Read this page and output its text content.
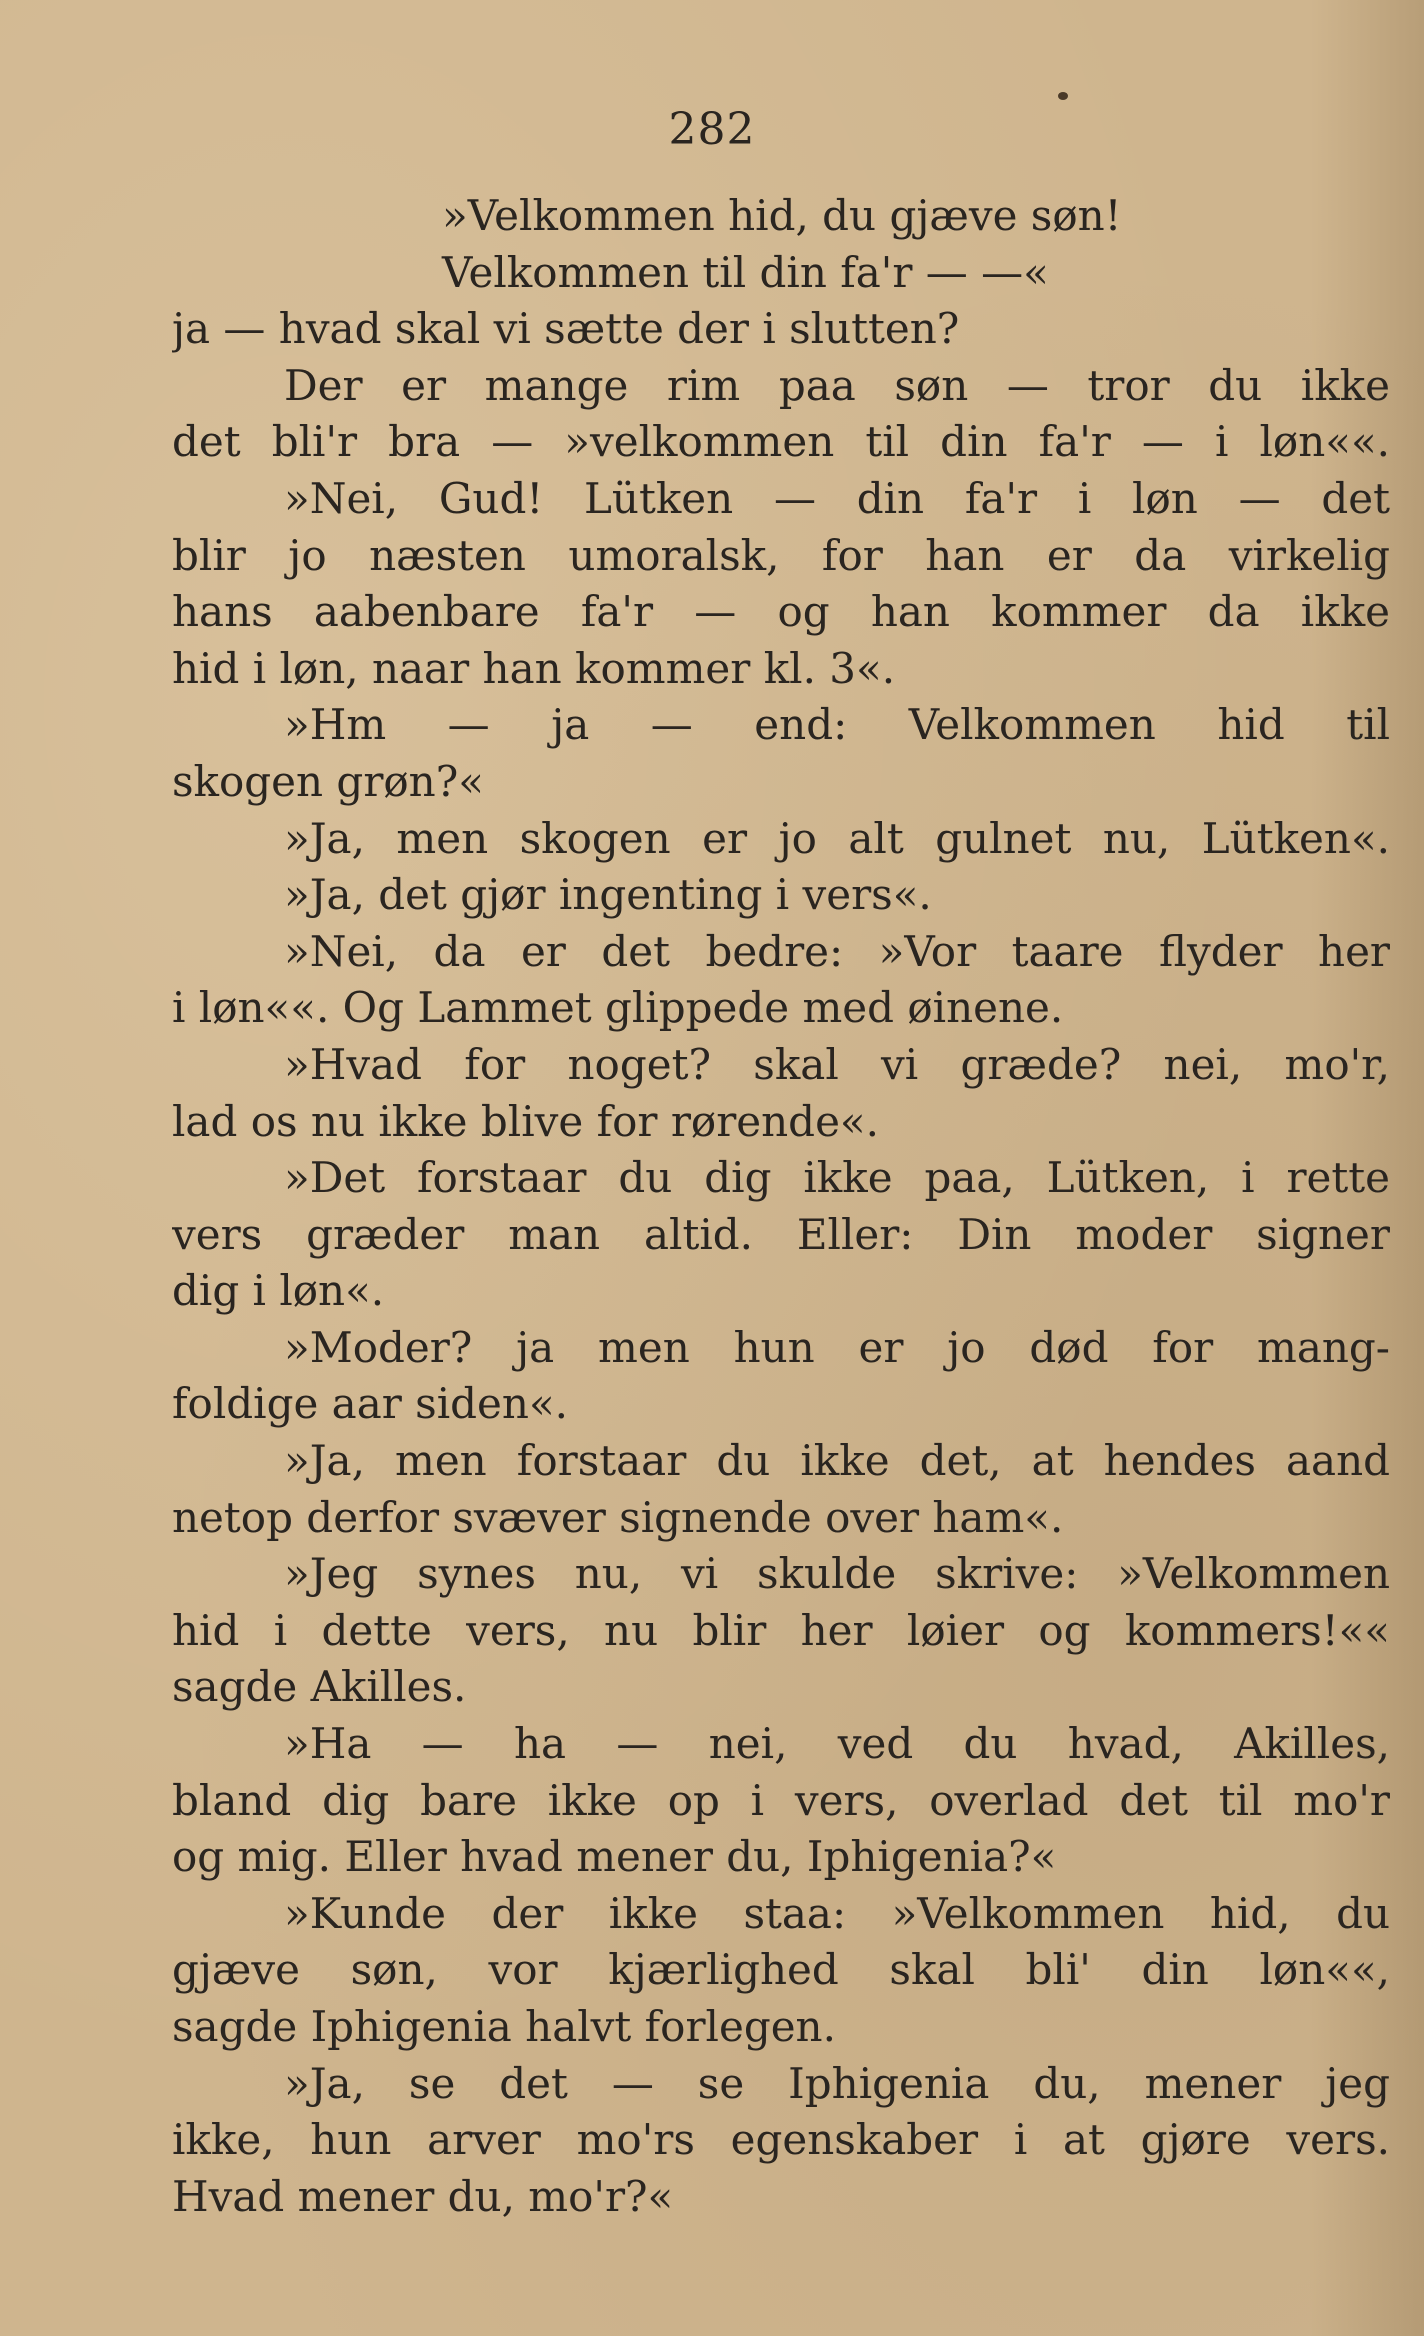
282
»Velkommen hid, du gjæve søn!
Velkommen til din fa'r — —«
ja — hvad skal vi sætte der i slutten?
Der er mange rim paa søn — tror du ikke
det bli'r bra — »velkommen til din fa'r — i løn««.
»Nei, Gud! Lütken — din fa'r i løn — det
blir jo næsten umoralsk, for han er da virkelig
hans aabenbare fa'r — og han kommer da ikke
hid i løn, naar han kommer kl. 3«.
»Hm — ja — end: Velkommen hid til
skogen grøn?«
»Ja, men skogen er jo alt gulnet nu, Lütken«.
»Ja, det gjør ingenting i vers«.
»Nei, da er det bedre: »Vor taare flyder her
i løn««. Og Lammet glippede med øinene.
»Hvad for noget? skal vi græde? nei, mo'r,
lad os nu ikke blive for rørende«.
»Det forstaar du dig ikke paa, Lütken, i rette
vers græder man altid. Eller: Din moder signer
dig i løn«.
»Moder? ja men hun er jo død for mang-
foldige aar siden«.
»Ja, men forstaar du ikke det, at hendes aand
netop derfor svæver signende over ham«.
»Jeg synes nu, vi skulde skrive: »Velkommen
hid i dette vers, nu blir her løier og kommers!««
sagde Akilles.
»Ha — ha — nei, ved du hvad, Akilles,
bland dig bare ikke op i vers, overlad det til mo'r
og mig. Eller hvad mener du, Iphigenia?«
»Kunde der ikke staa: »Velkommen hid, du
gjæve søn, vor kjærlighed skal bli' din løn««,
sagde Iphigenia halvt forlegen.
»Ja, se det — se Iphigenia du, mener jeg
ikke, hun arver mo'rs egenskaber i at gjøre vers.
Hvad mener du, mo'r?«
